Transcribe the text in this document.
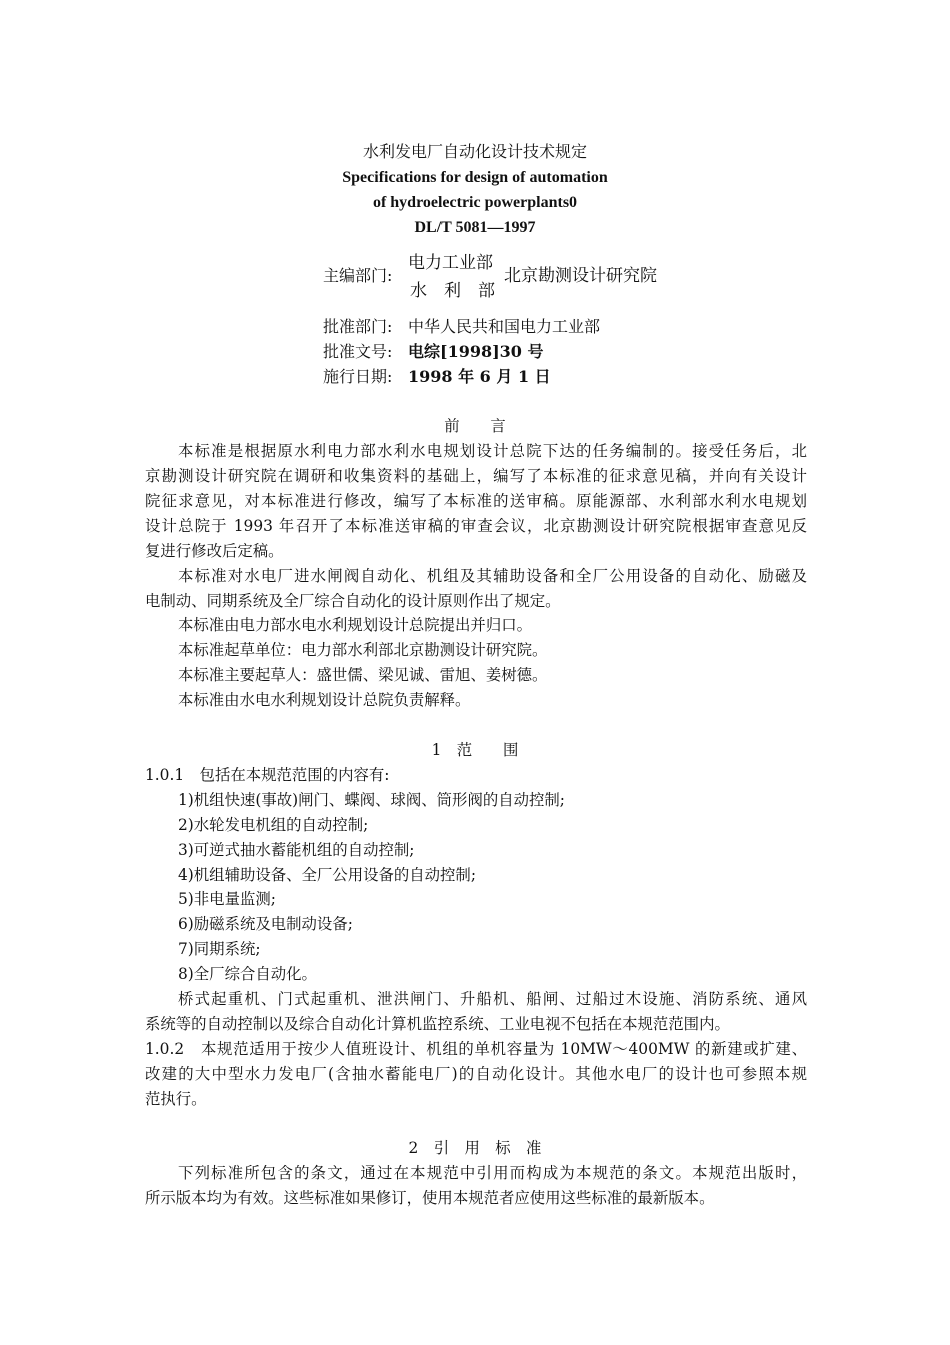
水利发电厂自动化设计技术规定
Specifications for design of automation
of hydroelectric powerplants0
DL/T 5081—1997
主编部门:
电力工业部
水　利　部
北京勘测设计研究院
批准部门: 中华人民共和国电力工业部
批准文号: 电综[1998]30 号
施行日期: 1998 年 6 月 1 日
前　　言
本标准是根据原水利电力部水利水电规划设计总院下达的任务编制的。接受任务后，北
京勘测设计研究院在调研和收集资料的基础上，编写了本标准的征求意见稿，并向有关设计
院征求意见，对本标准进行修改，编写了本标准的送审稿。原能源部、水利部水利水电规划
设计总院于 1993 年召开了本标准送审稿的审查会议，北京勘测设计研究院根据审查意见反
复进行修改后定稿。
本标准对水电厂进水闸阀自动化、机组及其辅助设备和全厂公用设备的自动化、励磁及
电制动、同期系统及全厂综合自动化的设计原则作出了规定。
本标准由电力部水电水利规划设计总院提出并归口。
本标准起草单位：电力部水利部北京勘测设计研究院。
本标准主要起草人：盛世儒、梁见诚、雷旭、姜树德。
本标准由水电水利规划设计总院负责解释。
1　范　　围
1.0.1　包括在本规范范围的内容有:
1)机组快速(事故)闸门、蝶阀、球阀、筒形阀的自动控制;
2)水轮发电机组的自动控制;
3)可逆式抽水蓄能机组的自动控制;
4)机组辅助设备、全厂公用设备的自动控制;
5)非电量监测;
6)励磁系统及电制动设备;
7)同期系统;
8)全厂综合自动化。
桥式起重机、门式起重机、泄洪闸门、升船机、船闸、过船过木设施、消防系统、通风
系统等的自动控制以及综合自动化计算机监控系统、工业电视不包括在本规范范围内。
1.0.2　本规范适用于按少人值班设计、机组的单机容量为 10MW～400MW 的新建或扩建、
改建的大中型水力发电厂(含抽水蓄能电厂)的自动化设计。其他水电厂的设计也可参照本规
范执行。
2　引　用　标　准
下列标准所包含的条文，通过在本规范中引用而构成为本规范的条文。本规范出版时，
所示版本均为有效。这些标准如果修订，使用本规范者应使用这些标准的最新版本。
